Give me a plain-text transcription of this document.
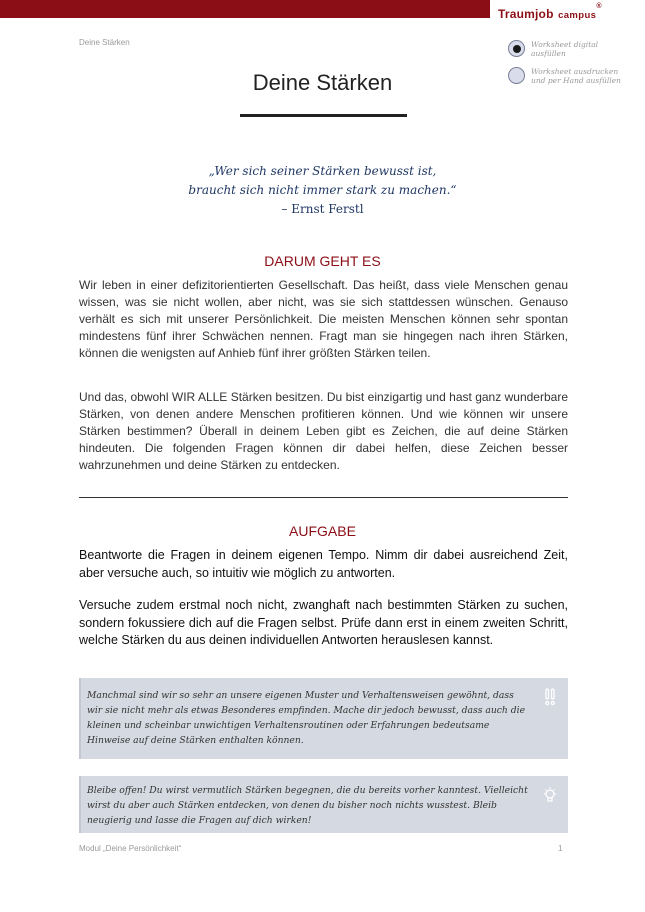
Traumjob campus®
Deine Stärken	Worksheet digital ausfüllen
Worksheet ausdrucken und per Hand ausfüllen
Deine Stärken
„Wer sich seiner Stärken bewusst ist,
braucht sich nicht immer stark zu machen.“
– Ernst Ferstl
DARUM GEHT ES
Wir leben in einer defizitorientierten Gesellschaft. Das heißt, dass viele Menschen genau wissen, was sie nicht wollen, aber nicht, was sie sich stattdessen wünschen. Genauso verhält es sich mit unserer Persönlichkeit. Die meisten Menschen können sehr spontan mindestens fünf ihrer Schwächen nennen. Fragt man sie hingegen nach ihren Stärken, können die wenigsten auf Anhieb fünf ihrer größten Stärken teilen.
Und das, obwohl WIR ALLE Stärken besitzen. Du bist einzigartig und hast ganz wunderbare Stärken, von denen andere Menschen profitieren können. Und wie können wir unsere Stärken bestimmen? Überall in deinem Leben gibt es Zeichen, die auf deine Stärken hindeuten. Die folgenden Fragen können dir dabei helfen, diese Zeichen besser wahrzunehmen und deine Stärken zu entdecken.
AUFGABE
Beantworte die Fragen in deinem eigenen Tempo. Nimm dir dabei ausreichend Zeit, aber versuche auch, so intuitiv wie möglich zu antworten.
Versuche zudem erstmal noch nicht, zwanghaft nach bestimmten Stärken zu suchen, sondern fokussiere dich auf die Fragen selbst. Prüfe dann erst in einem zweiten Schritt, welche Stärken du aus deinen individuellen Antworten herauslesen kannst.
Manchmal sind wir so sehr an unsere eigenen Muster und Verhaltensweisen gewöhnt, dass wir sie nicht mehr als etwas Besonderes empfinden. Mache dir jedoch bewusst, dass auch die kleinen und scheinbar unwichtigen Verhaltensroutinen oder Erfahrungen bedeutsame Hinweise auf deine Stärken enthalten können.
Bleibe offen! Du wirst vermutlich Stärken begegnen, die du bereits vorher kanntest. Vielleicht wirst du aber auch Stärken entdecken, von denen du bisher noch nichts wusstest. Bleib neugierig und lasse die Fragen auf dich wirken!
Modul „Deine Persönlichkeit“	1
